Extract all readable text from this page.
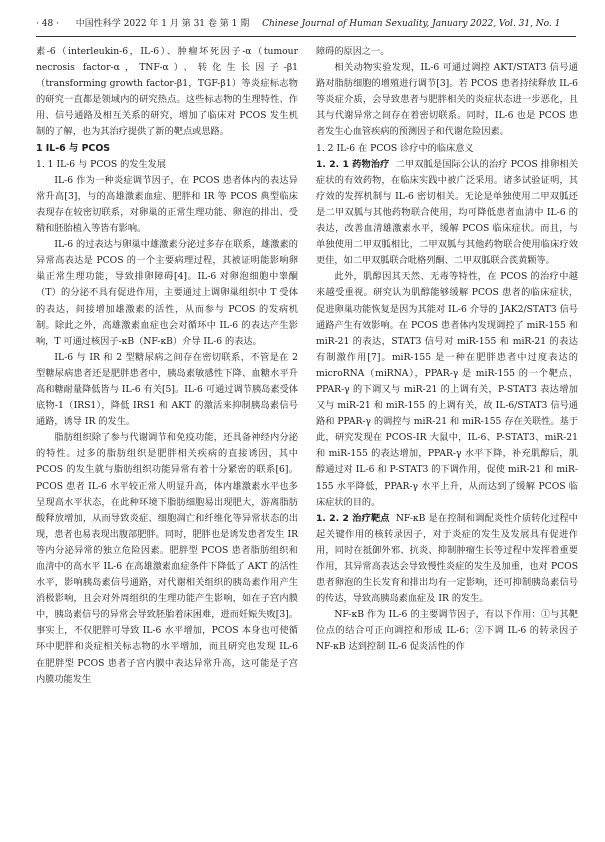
· 48 · 中国性科学 2022 年 1 月 第 31 卷 第 1 期 Chinese Journal of Human Sexuality, January 2022, Vol. 31, No. 1

素-6（interleukin-6，IL-6）、肿瘤坏死因子-α（tumour necrosis factor-α，TNF-α）、转化生长因子-β1（transforming growth factor-β1，TGF-β1）等炎症标志物的研究一直都是领域内的研究热点。这些标志物的生理特性、作用、信号通路及相互关系的研究，增加了临床对 PCOS 发生机制的了解，也为其治疗提供了新的靶点或思路。

1 IL-6 与 PCOS
1. 1 IL-6 与 PCOS 的发生发展

IL-6 作为一种炎症调节因子，在 PCOS 患者体内的表达异常升高[3]，与的高雄激素血症、肥胖和 IR 等 PCOS 典型临床表现存在较密切联系，对卵巢的正常生理功能、卵泡的排出、受精和胚胎植入等皆有影响。

IL-6 的过表达与卵巢中雄激素分泌过多存在联系，雄激素的异常高表达是 PCOS 的一个主要病理过程，其被证明能影响卵巢正常生理功能，导致排卵障碍[4]。IL-6 对卵泡细胞中睾酮（T）的分泌不具有促进作用，主要通过上调卵巢组织中 T 受体的表达，间接增加雄激素的活性，从而参与 PCOS 的发病机制。除此之外，高雄激素血症也会对循环中 IL-6 的表达产生影响，T 可通过核因子-κB（NF-κB）介导 IL-6 的表达。

IL-6 与 IR 和 2 型糖尿病之间存在密切联系，不管是在 2 型糖尿病患者还是肥胖患者中，胰岛素敏感性下降、血糖水平升高和糖耐量降低皆与 IL-6 有关[5]。IL-6 可通过调节胰岛素受体底物-1（IRS1），降低 IRS1 和 AKT 的激活来抑制胰岛素信号通路，诱导 IR 的发生。

脂肪组织除了参与代谢调节和免疫功能，还具备神经内分泌的特性。过多的脂肪组织是肥胖相关疾病的直接诱因，其中 PCOS 的发生就与脂肪组织功能异常有着十分紧密的联系[6]。PCOS 患者 IL-6 水平较正常人明显升高，体内雄激素水平也多呈现高水平状态，在此种环境下脂肪细胞易出现肥大，游离脂肪酸释放增加，从而导致炎症、细胞凋亡和纤维化等异常状态的出现，患者也易表现出腹部肥胖。同时，肥胖也是诱发患者发生 IR 等内分泌异常的独立危险因素。肥胖型 PCOS 患者脂肪组织和血清中的高水平 IL-6 在高雄激素血症条件下降低了 AKT 的活性水平，影响胰岛素信号通路，对代谢相关组织的胰岛素作用产生消极影响，且会对外周组织的生理功能产生影响，如在子宫内膜中，胰岛素信号的异常会导致胚胎着床困难，进而妊娠失败[3]。事实上，不仅肥胖可导致 IL-6 水平增加，PCOS 本身也可使循环中肥胖和炎症相关标志物的水平增加，而且研究也发现 IL-6 在肥胖型 PCOS 患者子宫内膜中表达异常升高，这可能是子宫内膜功能发生

障碍的原因之一。

相关动物实验发现，IL-6 可通过调控 AKT/STAT3 信号通路对脂肪细胞的增殖进行调节[3]。若 PCOS 患者持续释放 IL-6 等炎症介质，会导致患者与肥胖相关的炎症状态进一步恶化，且其与代谢异常之间存在着密切联系。同时，IL-6 也是 PCOS 患者发生心血管疾病的预测因子和代谢危险因素。

1. 2 IL-6 在 PCOS 诊疗中的临床意义

1. 2. 1 药物治疗 二甲双胍是国际公认的治疗 PCOS 排卵相关症状的有效药物，在临床实践中被广泛采用。诸多试验证明，其疗效的发挥机制与 IL-6 密切相关。无论是单独使用二甲双胍还是二甲双胍与其他药物联合使用，均可降低患者血清中 IL-6 的表达，改善血清雄激素水平，缓解 PCOS 临床症状。而且，与单独使用二甲双胍相比，二甲双胍与其他药物联合使用临床疗效更佳，如二甲双胍联合吡格列酮、二甲双胍联合芪黄颗等。

此外，肌醇因其天然、无毒等特性，在 PCOS 的治疗中越来越受重视。研究认为肌醇能够缓解 PCOS 患者的临床症状，促进卵巢功能恢复是因为其能对 IL-6 介导的 JAK2/STAT3 信号通路产生有效影响。在 PCOS 患者体内发现调控了 miR-155 和 miR-21 的表达，STAT3 信号对 miR-155 和 miR-21 的表达有制激作用[7]。miR-155 是一种在肥胖患者中过度表达的 microRNA（miRNA），PPAR-γ 是 miR-155 的一个靶点，PPAR-γ 的下调又与 miR-21 的上调有关，P-STAT3 表达增加又与 miR-21 和 miR-155 的上调有关，故 IL-6/STAT3 信号通路和 PPAR-γ 的调控与 miR-21 和 miR-155 存在关联性。基于此，研究发现在 PCOS-IR 大鼠中，IL-6、P-STAT3、miR-21 和 miR-155 的表达增加，PPAR-γ 水平下降，补充肌醇后，肌醇通过对 IL-6 和 P-STAT3 的下调作用，促使 miR-21 和 miR-155 水平降低，PPAR-γ 水平上升，从而达到了缓解 PCOS 临床症状的目的。

1. 2. 2 治疗靶点 NF-κB 是在控制和调配炎性介质转化过程中起关键作用的核转录因子，对于炎症的发生及发展具有促进作用，同时在抵御外邪、抗炎、抑制肿瘤生长等过程中发挥着重要作用，其异常高表达会导致慢性炎症的发生及加重，也对 PCOS 患者卵泡的生长发育和排出均有一定影响，还可抑制胰岛素信号的传达，导致高胰岛素血症及 IR 的发生。

NF-κB 作为 IL-6 的主要调节因子，有以下作用：①与其靶位点的结合可正向调控和形成 IL-6；②下调 IL-6 的转录因子 NF-κB 达到控制 IL-6 促炎活性的作
